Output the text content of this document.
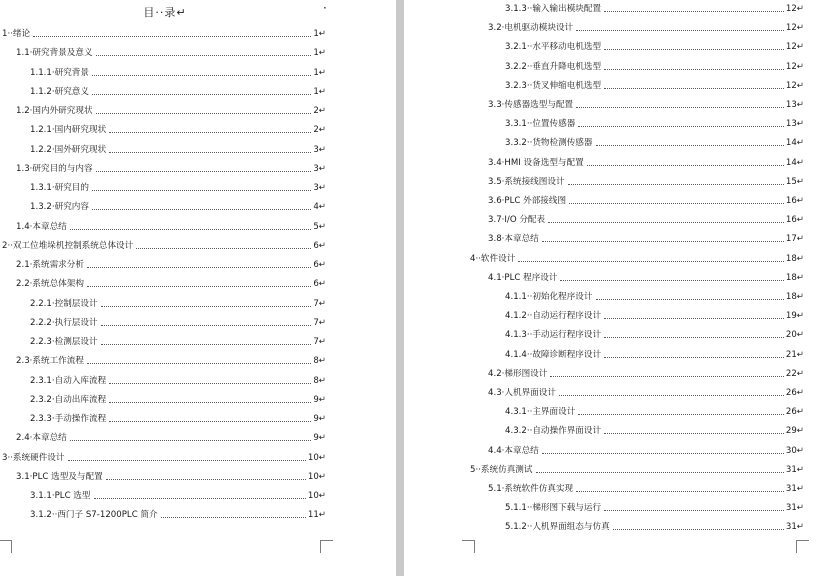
目··录↵	·
1··绪论	1↵
1.1·研究背景及意义	1↵
1.1.1·研究背景	1↵
1.1.2·研究意义	1↵
1.2·国内外研究现状	2↵
1.2.1·国内研究现状	2↵
1.2.2·国外研究现状	3↵
1.3·研究目的与内容	3↵
1.3.1·研究目的	3↵
1.3.2·研究内容	4↵
1.4·本章总结	5↵
2··双工位堆垛机控制系统总体设计	6↵
2.1·系统需求分析	6↵
2.2·系统总体架构	6↵
2.2.1·控制层设计	7↵
2.2.2·执行层设计	7↵
2.2.3·检测层设计	7↵
2.3·系统工作流程	8↵
2.3.1·自动入库流程	8↵
2.3.2·自动出库流程	9↵
2.3.3·手动操作流程	9↵
2.4·本章总结	9↵
3··系统硬件设计	10↵
3.1·PLC 选型及与配置	10↵
3.1.1·PLC 选型	10↵
3.1.2··西门子 S7-1200PLC 简介	11↵
3.1.3··输入输出模块配置	12↵
3.2·电机驱动模块设计	12↵
3.2.1··水平移动电机选型	12↵
3.2.2··垂直升降电机选型	12↵
3.2.3··货叉伸缩电机选型	12↵
3.3·传感器选型与配置	13↵
3.3.1··位置传感器	13↵
3.3.2··货物检测传感器	14↵
3.4·HMI 设备选型与配置	14↵
3.5·系统接线图设计	15↵
3.6·PLC 外部接线图	16↵
3.7·I/O 分配表	16↵
3.8·本章总结	17↵
4··软件设计	18↵
4.1·PLC 程序设计	18↵
4.1.1··初始化程序设计	18↵
4.1.2··自动运行程序设计	19↵
4.1.3··手动运行程序设计	20↵
4.1.4··故障诊断程序设计	21↵
4.2·梯形图设计	22↵
4.3·人机界面设计	26↵
4.3.1··主界面设计	26↵
4.3.2··自动操作界面设计	29↵
4.4·本章总结	30↵
5··系统仿真测试	31↵
5.1·系统软件仿真实现	31↵
5.1.1··梯形图下载与运行	31↵
5.1.2··人机界面组态与仿真	31↵
